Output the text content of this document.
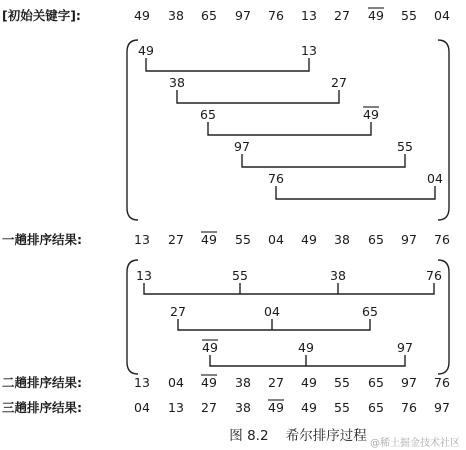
[初始关键字]:	49 38 65 97 76 13 27 49 55 04
49	13
38	27
65	49
97	55
76	04
一趟排序结果:	13 27 49 55 04 49 38 65 97 76
13	55	38	76
27	04	65
49	49	97
二趟排序结果:	13 04 49 38 27 49 55 65 97 76
三趟排序结果:	04 13 27 38 49 49 55 65 76 97
图 8.2    希尔排序过程 @稀土掘金技术社区
